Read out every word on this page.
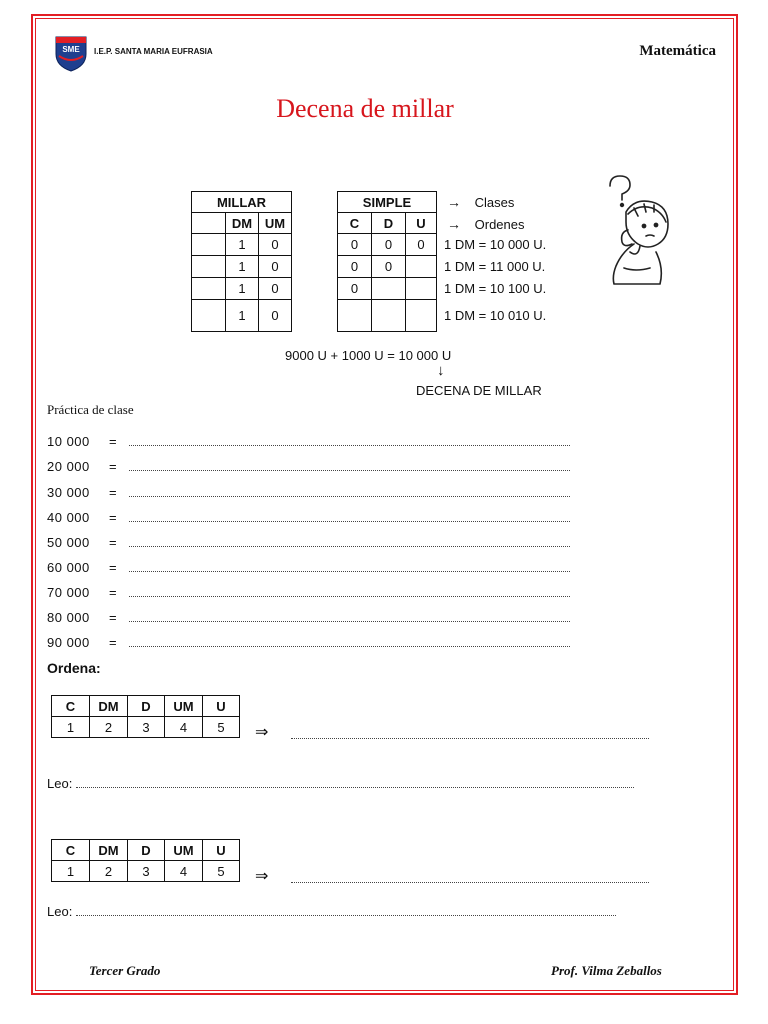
SME I.E.P. SANTA MARIA EUFRASIA	Matemática
Decena de millar
MILLAR		
	DM	UM
	1	0
	1	0
	1	0
	1	0
SIMPLE		
C	D	U
0	0	0
0	0	
0		

→ Clases
→ Ordenes
1 DM = 10 000 U.
1 DM = 11 000 U.
1 DM = 10 100 U.
1 DM = 10 010 U.
9000 U + 1000 U = 10 000 U
↓
DECENA DE MILLAR
Práctica de clase
10 000 =
20 000 =
30 000 =
40 000 =
50 000 =
60 000 =
70 000 =
80 000 =
90 000 =
Ordena:
C	DM	D	UM	U
1	2	3	4	5 ⇒
Leo:
C	DM	D	UM	U
1	2	3	4	5 ⇒
Leo:
Tercer Grado	Prof. Vilma Zeballos
